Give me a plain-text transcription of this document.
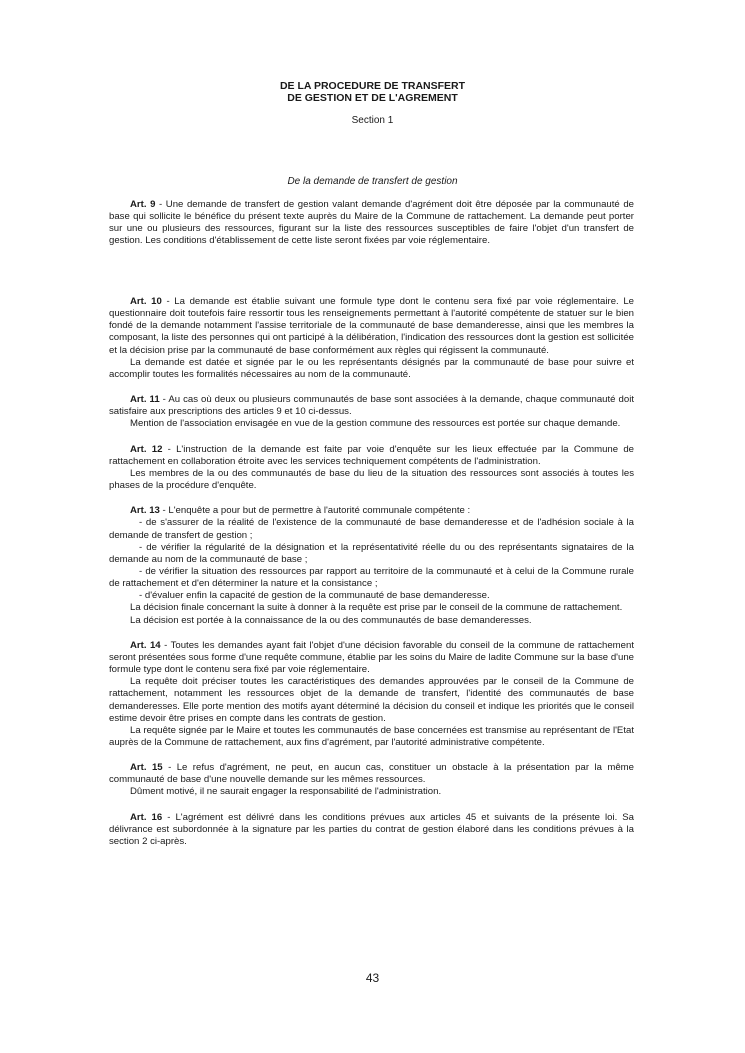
DE LA PROCEDURE DE TRANSFERT
DE GESTION ET DE L'AGREMENT
Section 1
De la demande de transfert de gestion

Art. 9 - Une demande de transfert de gestion valant demande d'agrément doit être déposée par la communauté de base qui sollicite le bénéfice du présent texte auprès du Maire de la Commune de rattachement. La demande peut porter sur une ou plusieurs des ressources, figurant sur la liste des ressources susceptibles de faire l'objet d'un transfert de gestion. Les conditions d'établissement de cette liste seront fixées par voie réglementaire.

Art. 10 - La demande est établie suivant une formule type dont le contenu sera fixé par voie réglementaire. Le questionnaire doit toutefois faire ressortir tous les renseignements permettant à l'autorité compétente de statuer sur le bien fondé de la demande notamment l'assise territoriale de la communauté de base demanderesse, ainsi que les membres la composant, la liste des personnes qui ont participé à la délibération, l'indication des ressources dont la gestion est sollicitée et la décision prise par la communauté de base conformément aux règles qui régissent la communauté.

La demande est datée et signée par le ou les représentants désignés par la communauté de base pour suivre et accomplir toutes les formalités nécessaires au nom de la communauté.

Art. 11 - Au cas où deux ou plusieurs communautés de base sont associées à la demande, chaque communauté doit satisfaire aux prescriptions des articles 9 et 10 ci-dessus.

Mention de l'association envisagée en vue de la gestion commune des ressources est portée sur chaque demande.

Art. 12 - L'instruction de la demande est faite par voie d'enquête sur les lieux effectuée par la Commune de rattachement en collaboration étroite avec les services techniquement compétents de l'administration.

Les membres de la ou des communautés de base du lieu de la situation des ressources sont associés à toutes les phases de la procédure d'enquête.

Art. 13 - L'enquête a pour but de permettre à l'autorité communale compétente :

- de s'assurer de la réalité de l'existence de la communauté de base demanderesse et de l'adhésion sociale à la demande de transfert de gestion ;

- de vérifier la régularité de la désignation et la représentativité réelle du ou des représentants signataires de la demande au nom de la communauté de base ;

- de vérifier la situation des ressources par rapport au territoire de la communauté et à celui de la Commune rurale de rattachement et d'en déterminer la nature et la consistance ;

- d'évaluer enfin la capacité de gestion de la communauté de base demanderesse.

La décision finale concernant la suite à donner à la requête est prise par le conseil de la commune de rattachement.

La décision est portée à la connaissance de la ou des communautés de base demanderesses.

Art. 14 - Toutes les demandes ayant fait l'objet d'une décision favorable du conseil de la commune de rattachement seront présentées sous forme d'une requête commune, établie par les soins du Maire de ladite Commune sur la base d'une formule type dont le contenu sera fixé par voie réglementaire.

La requête doit préciser toutes les caractéristiques des demandes approuvées par le conseil de la Commune de rattachement, notamment les ressources objet de la demande de transfert, l'identité des communautés de base demanderesses. Elle porte mention des motifs ayant déterminé la décision du conseil et indique les priorités que le conseil estime devoir être prises en compte dans les contrats de gestion.

La requête signée par le Maire et toutes les communautés de base concernées est transmise au représentant de l'Etat auprès de la Commune de rattachement, aux fins d'agrément, par l'autorité administrative compétente.

Art. 15 - Le refus d'agrément, ne peut, en aucun cas, constituer un obstacle à la présentation par la même communauté de base d'une nouvelle demande sur les mêmes ressources.

Dûment motivé, il ne saurait engager la responsabilité de l'administration.

Art. 16 - L'agrément est délivré dans les conditions prévues aux articles 45 et suivants de la présente loi. Sa délivrance est subordonnée à la signature par les parties du contrat de gestion élaboré dans les conditions prévues à la section 2 ci-après.

43
